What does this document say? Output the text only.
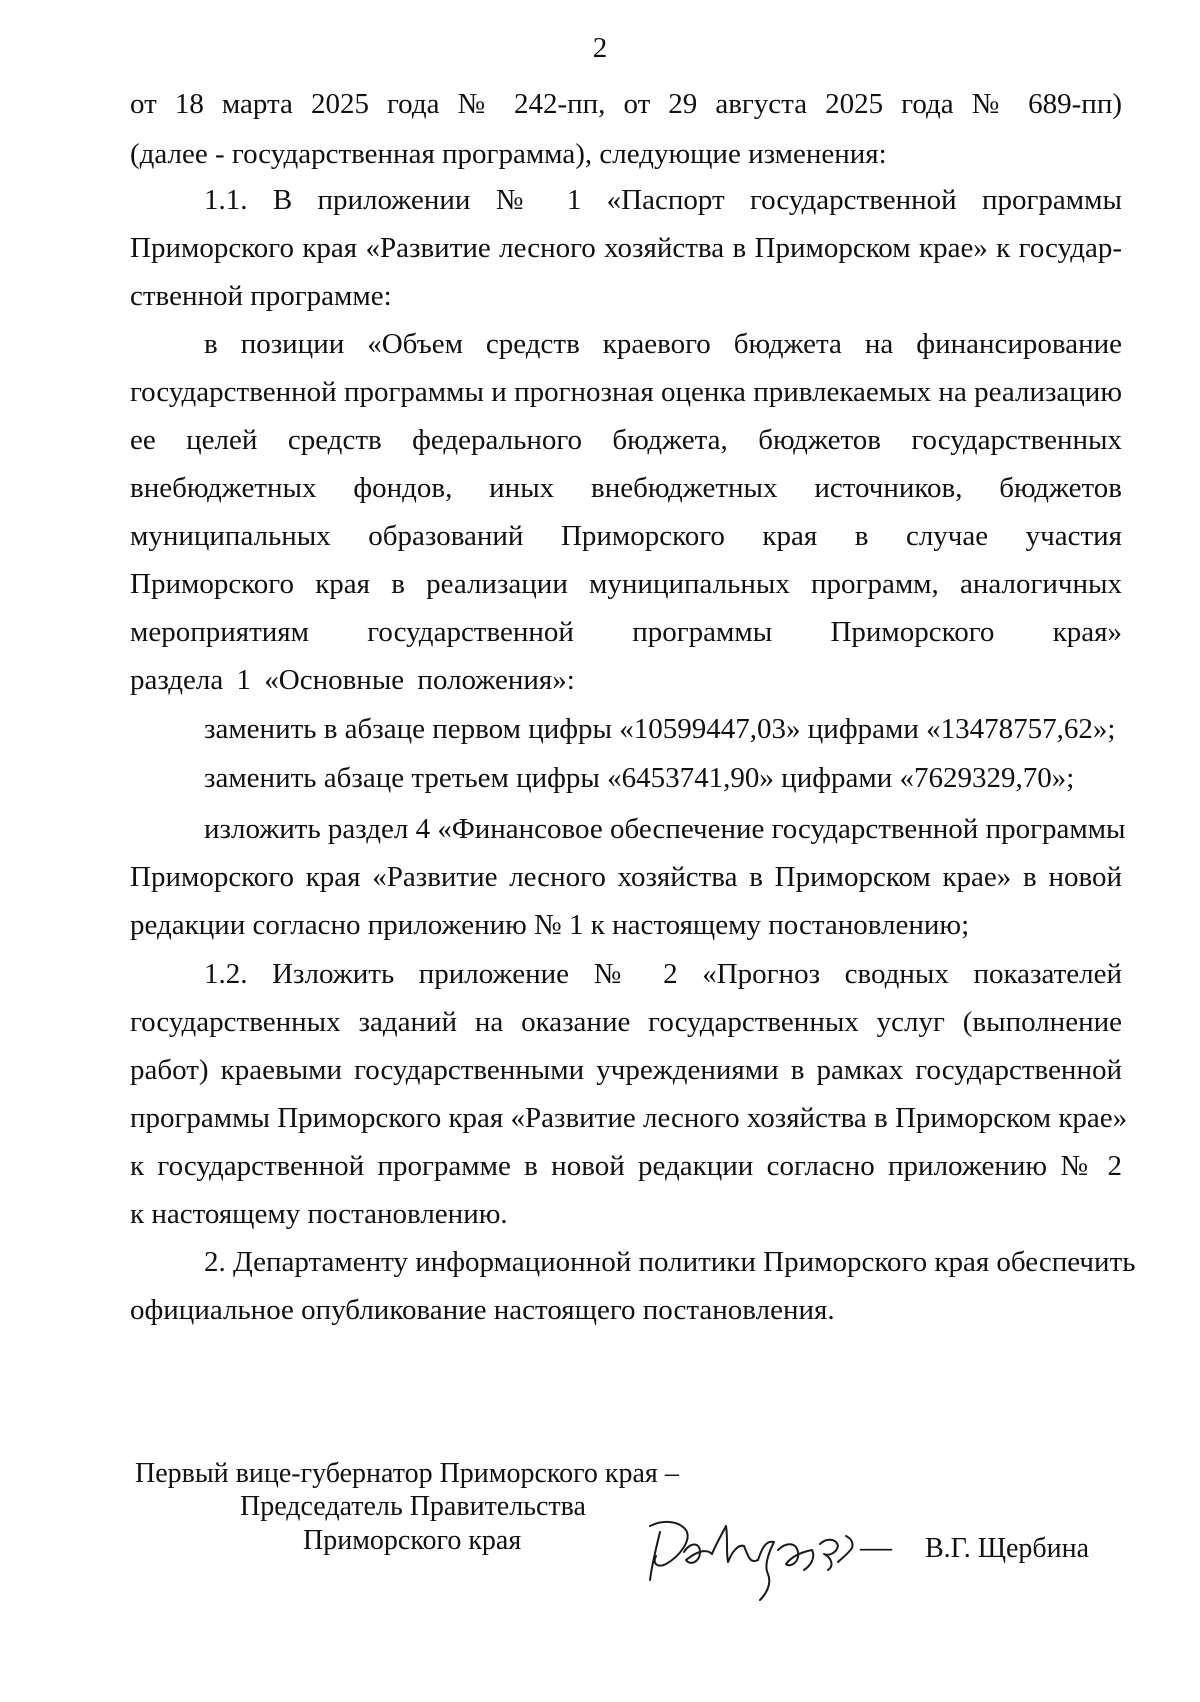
2
от 18 марта 2025 года № 242-пп, от 29 августа 2025 года № 689-пп)
(далее - государственная программа), следующие изменения:
1.1. В приложении № 1 «Паспорт государственной программы
Приморского края «Развитие лесного хозяйства в Приморском крае» к государ-
ственной программе:
в позиции «Объем средств краевого бюджета на финансирование
государственной программы и прогнозная оценка привлекаемых на реализацию
ее целей средств федерального бюджета, бюджетов государственных
внебюджетных фондов, иных внебюджетных источников, бюджетов
муниципальных образований Приморского края в случае участия
Приморского края в реализации муниципальных программ, аналогичных
мероприятиям государственной программы Приморского края»
раздела 1 «Основные положения»:
заменить в абзаце первом цифры «10599447,03» цифрами «13478757,62»;
заменить абзаце третьем цифры «6453741,90» цифрами «7629329,70»;
изложить раздел 4 «Финансовое обеспечение государственной программы
Приморского края «Развитие лесного хозяйства в Приморском крае» в новой
редакции согласно приложению № 1 к настоящему постановлению;
1.2. Изложить приложение № 2 «Прогноз сводных показателей
государственных заданий на оказание государственных услуг (выполнение
работ) краевыми государственными учреждениями в рамках государственной
программы Приморского края «Развитие лесного хозяйства в Приморском крае»
к государственной программе в новой редакции согласно приложению № 2
к настоящему постановлению.
2. Департаменту информационной политики Приморского края обеспечить
официальное опубликование настоящего постановления.
Первый вице-губернатор Приморского края –
Председатель Правительства
Приморского края	— В.Г. Щербина
